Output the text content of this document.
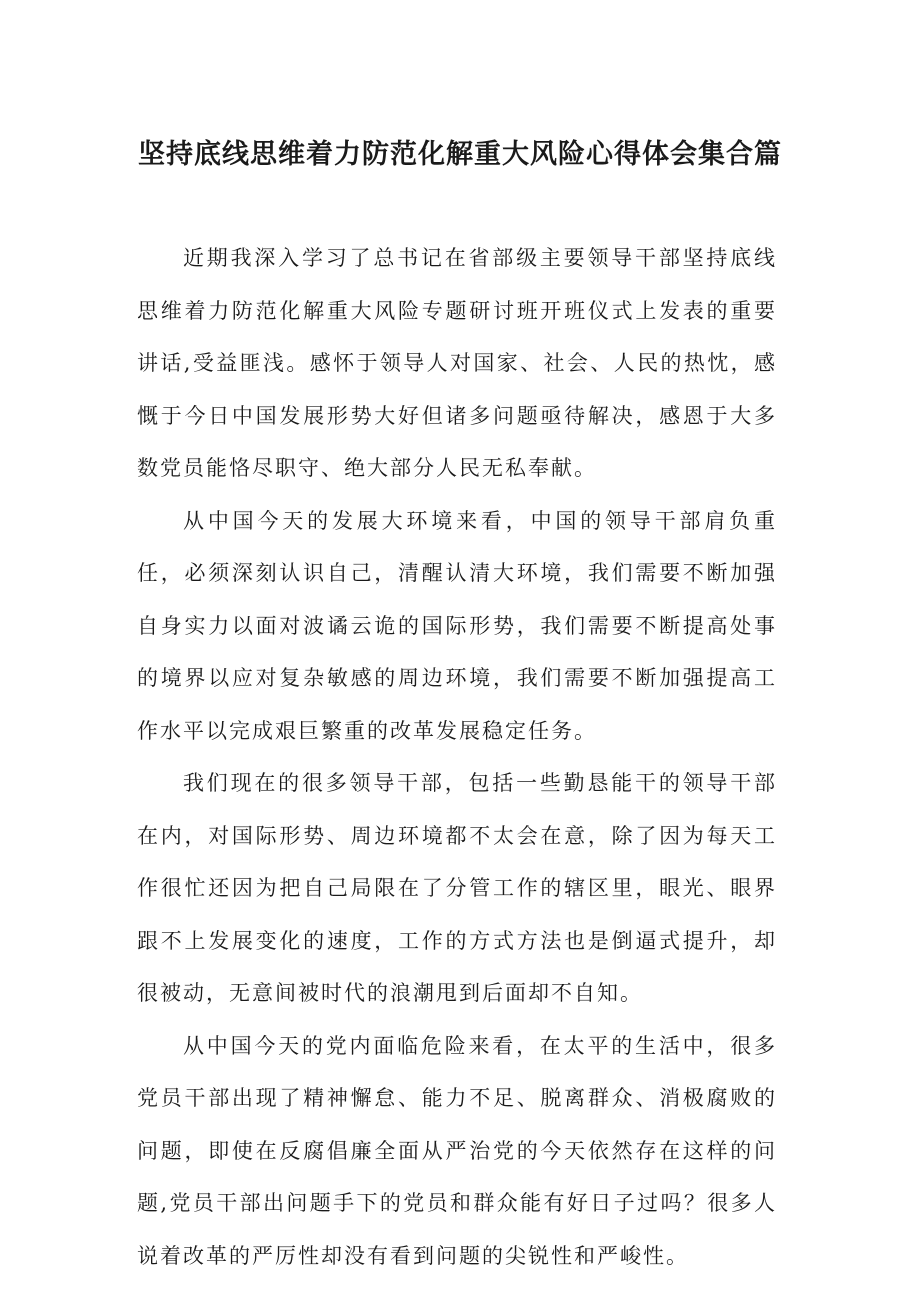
坚持底线思维着力防范化解重大风险心得体会集合篇

近期我深入学习了总书记在省部级主要领导干部坚持底线思维着力防范化解重大风险专题研讨班开班仪式上发表的重要讲话,受益匪浅。感怀于领导人对国家、社会、人民的热忱，感慨于今日中国发展形势大好但诸多问题亟待解决，感恩于大多数党员能恪尽职守、绝大部分人民无私奉献。

从中国今天的发展大环境来看，中国的领导干部肩负重任，必须深刻认识自己，清醒认清大环境，我们需要不断加强自身实力以面对波谲云诡的国际形势，我们需要不断提高处事的境界以应对复杂敏感的周边环境，我们需要不断加强提高工作水平以完成艰巨繁重的改革发展稳定任务。

我们现在的很多领导干部，包括一些勤恳能干的领导干部在内，对国际形势、周边环境都不太会在意，除了因为每天工作很忙还因为把自己局限在了分管工作的辖区里，眼光、眼界跟不上发展变化的速度，工作的方式方法也是倒逼式提升，却很被动，无意间被时代的浪潮甩到后面却不自知。

从中国今天的党内面临危险来看，在太平的生活中，很多党员干部出现了精神懈怠、能力不足、脱离群众、消极腐败的问题，即使在反腐倡廉全面从严治党的今天依然存在这样的问题,党员干部出问题手下的党员和群众能有好日子过吗？很多人说着改革的严厉性却没有看到问题的尖锐性和严峻性。
